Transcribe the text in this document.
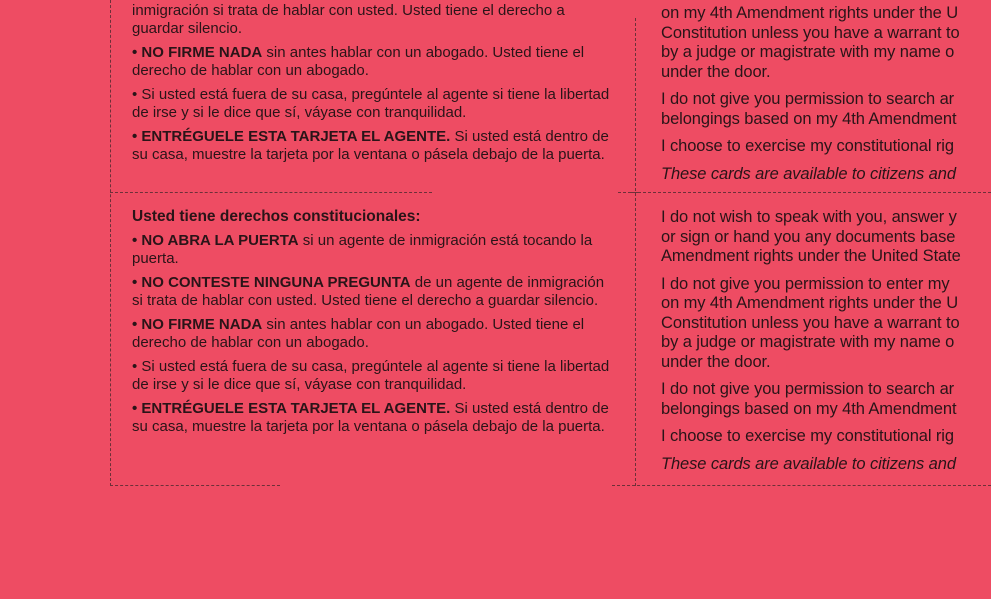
inmigración si trata de hablar con usted. Usted tiene el derecho a guardar silencio.

• NO FIRME NADA sin antes hablar con un abogado. Usted tiene el derecho de hablar con un abogado.

• Si usted está fuera de su casa, pregúntele al agente si tiene la libertad de irse y si le dice que sí, váyase con tranquilidad.

• ENTRÉGUELE ESTA TARJETA EL AGENTE. Si usted está dentro de su casa, muestre la tarjeta por la ventana o pásela debajo de la puerta.

Usted tiene derechos constitucionales:

• NO ABRA LA PUERTA si un agente de inmigración está tocando la puerta.

• NO CONTESTE NINGUNA PREGUNTA de un agente de inmigración si trata de hablar con usted. Usted tiene el derecho a guardar silencio.

• NO FIRME NADA sin antes hablar con un abogado. Usted tiene el derecho de hablar con un abogado.

• Si usted está fuera de su casa, pregúntele al agente si tiene la libertad de irse y si le dice que sí, váyase con tranquilidad.

• ENTRÉGUELE ESTA TARJETA EL AGENTE. Si usted está dentro de su casa, muestre la tarjeta por la ventana o pásela debajo de la puerta.

on my 4th Amendment rights under the U

Constitution unless you have a warrant to

by a judge or magistrate with my name o

under the door.

I do not give you permission to search ar

belongings based on my 4th Amendment

I choose to exercise my constitutional rig

These cards are available to citizens and

I do not wish to speak with you, answer y

or sign or hand you any documents base

Amendment rights under the United State

I do not give you permission to enter my

on my 4th Amendment rights under the U

Constitution unless you have a warrant to

by a judge or magistrate with my name o

under the door.

I do not give you permission to search ar

belongings based on my 4th Amendment

I choose to exercise my constitutional rig

These cards are available to citizens and
